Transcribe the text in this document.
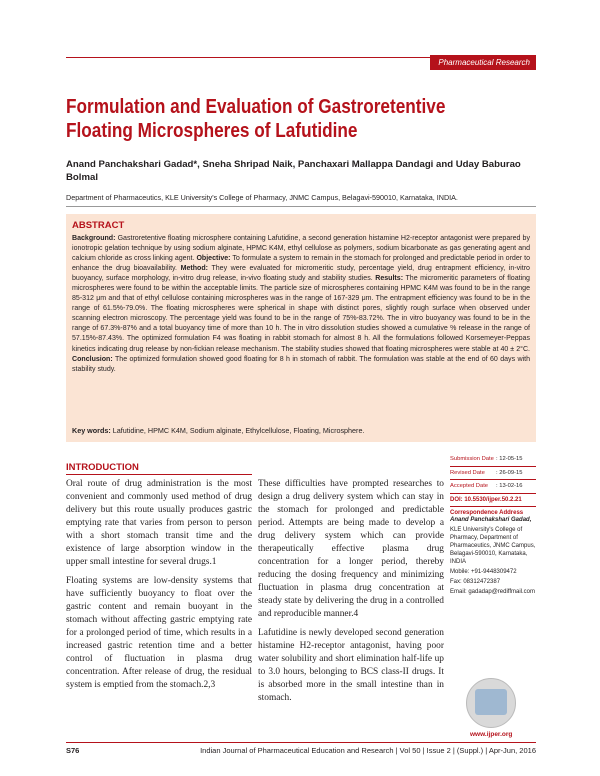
Pharmaceutical Research
Formulation and Evaluation of Gastroretentive Floating Microspheres of Lafutidine
Anand Panchakshari Gadad*, Sneha Shripad Naik, Panchaxari Mallappa Dandagi and Uday Baburao Bolmal
Department of Pharmaceutics, KLE University's College of Pharmacy, JNMC Campus, Belagavi-590010, Karnataka, INDIA.
ABSTRACT
Background: Gastroretentive floating microsphere containing Lafutidine, a second generation histamine H2-receptor antagonist were prepared by ionotropic gelation technique by using sodium alginate, HPMC K4M, ethyl cellulose as polymers, sodium bicarbonate as gas generating agent and calcium chloride as cross linking agent. Objective: To formulate a system to remain in the stomach for prolonged and predictable period in order to enhance the drug bioavailability. Method: They were evaluated for micromeritic study, percentage yield, drug entrapment efficiency, in-vitro buoyancy, surface morphology, in-vitro drug release, in-vivo floating study and stability studies. Results: The micromeritic parameters of floating microspheres were found to be within the acceptable limits. The particle size of microspheres containing HPMC K4M was found to be in the range 85-312 μm and that of ethyl cellulose containing microspheres was in the range of 167-329 μm. The entrapment efficiency was found to be in the range of 61.5%-79.0%. The floating microspheres were spherical in shape with distinct pores, slightly rough surface when observed under scanning electron microscopy. The percentage yield was found to be in the range of 75%-83.72%. The in vitro buoyancy was found to be in the range of 67.3%-87% and a total buoyancy time of more than 10 h. The in vitro dissolution studies showed a cumulative % release in the range of 57.15%-87.43%. The optimized formulation F4 was floating in rabbit stomach for almost 8 h. All the formulations followed Korsemeyer-Peppas kinetics indicating drug release by non-fickian release mechanism. The stability studies showed that floating microspheres were stable at 40 ± 2°C. Conclusion: The optimized formulation showed good floating for 8 h in stomach of rabbit. The formulation was stable at the end of 60 days with stability study.
Key words: Lafutidine, HPMC K4M, Sodium alginate, Ethylcellulose, Floating, Microsphere.
INTRODUCTION

Oral route of drug administration is the most convenient and commonly used method of drug delivery but this route usually produces gastric emptying rate that varies from person to person with a short stomach transit time and the existence of large absorption window in the upper small intestine for several drugs.1

Floating systems are low-density systems that have sufficiently buoyancy to float over the gastric content and remain buoyant in the stomach without affecting gastric emptying rate for a prolonged period of time, which results in a increased gastric retention time and a better control of fluctuation in plasma drug concentration. After release of drug, the residual system is emptied from the stomach.2,3

These difficulties have prompted researches to design a drug delivery system which can stay in the stomach for prolonged and predictable period. Attempts are being made to develop a drug delivery system which can provide therapeutically effective plasma drug concentration for a longer period, thereby reducing the dosing frequency and minimizing fluctuation in plasma drug concentration at steady state by delivering the drug in a controlled and reproducible manner.4

Lafutidine is newly developed second generation histamine H2-receptor antagonist, having poor water solubility and short elimination half-life up to 3.0 hours, belonging to BCS class-II drugs. It is absorbed more in the small intestine than in stomach.

Submission Date : 12-05-15
Revised Date	: 26-09-15
Accepted Date	: 13-02-16
DOI: 10.5530/ijper.50.2.21
Correspondence Address
Anand Panchakshari Gadad,
KLE University's College of Pharmacy, Department of Pharmaceutics, JNMC Campus, Belagavi-590010, Karnataka, INDIA
Mobile: +91-9448309472
Fax: 08312472387
Email: gadadap@rediffmail.com
www.ijper.org
S76	Indian Journal of Pharmaceutical Education and Research | Vol 50 | Issue 2 | (Suppl.) | Apr-Jun, 2016
